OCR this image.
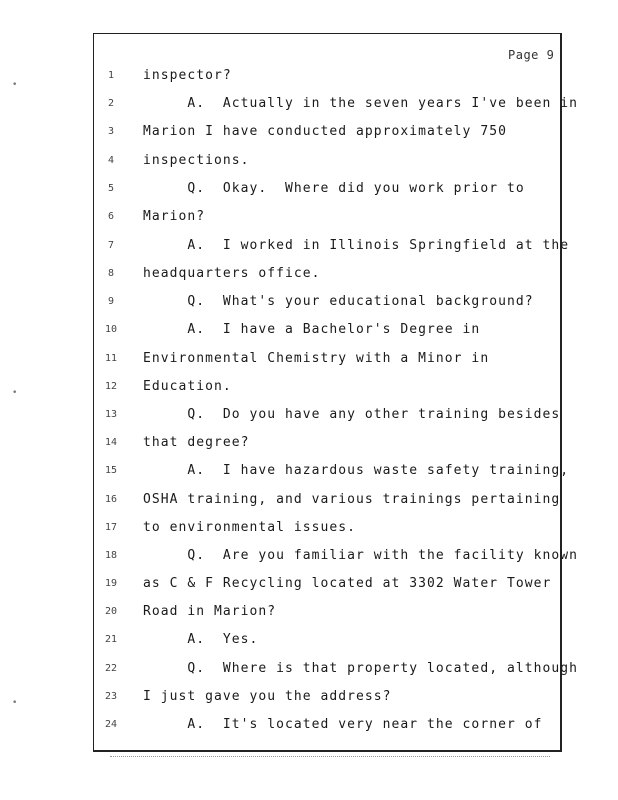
Page 9
•
•
•
1
2
3
4
5
6
7
8
9
10
11
12
13
14
15
16
17
18
19
20
21
22
23
24
inspector?
A.  Actually in the seven years I've been in
Marion I have conducted approximately 750
inspections.
Q.  Okay.  Where did you work prior to
Marion?
A.  I worked in Illinois Springfield at the
headquarters office.
Q.  What's your educational background?
A.  I have a Bachelor's Degree in
Environmental Chemistry with a Minor in
Education.
Q.  Do you have any other training besides
that degree?
A.  I have hazardous waste safety training,
OSHA training, and various trainings pertaining
to environmental issues.
Q.  Are you familiar with the facility known
as C & F Recycling located at 3302 Water Tower
Road in Marion?
A.  Yes.
Q.  Where is that property located, although
I just gave you the address?
A.  It's located very near the corner of
